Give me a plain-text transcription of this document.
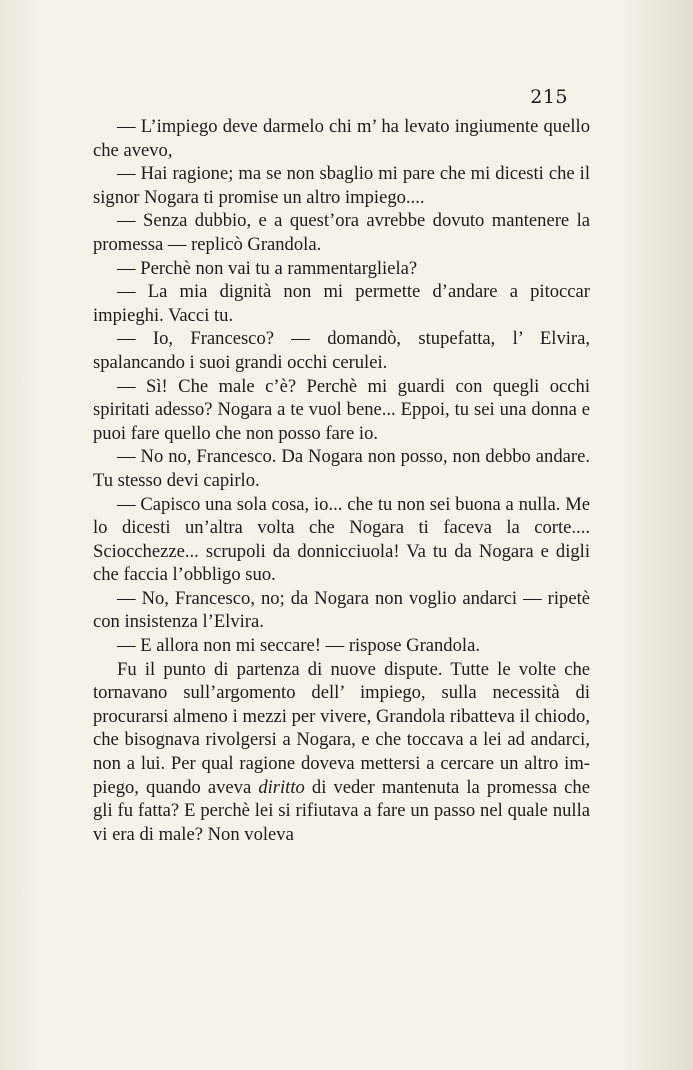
215

— L’impiego deve darmelo chi m’ ha levato ingiumente quello che avevo,

— Hai ragione; ma se non sbaglio mi pare che mi dicesti che il signor Nogara ti promise un altro impiego....

— Senza dubbio, e a quest’ora avrebbe dovuto mantenere la promessa — replicò Grandola.

— Perchè non vai tu a rammentargliela?

— La mia dignità non mi permette d’andare a pitoccar impieghi. Vacci tu.

— Io, Francesco? — domandò, stupefatta, l’ Elvira, spalancando i suoi grandi occhi cerulei.

— Sì! Che male c’è? Perchè mi guardi con quegli occhi spiritati adesso? Nogara a te vuol bene... Eppoi, tu sei una donna e puoi fare quello che non posso fare io.

— No no, Francesco. Da Nogara non posso, non debbo andare. Tu stesso devi capirlo.

— Capisco una sola cosa, io... che tu non sei buona a nulla. Me lo dicesti un’altra volta che Nogara ti faceva la corte.... Sciocchezze... scrupoli da donnicciuola! Va tu da Nogara e digli che faccia l’obbligo suo.

— No, Francesco, no; da Nogara non voglio andarci — ripetè con insistenza l’Elvira.

— E allora non mi seccare! — rispose Grandola.

Fu il punto di partenza di nuove dispute. Tutte le volte che tornavano sull’argomento dell’ impiego, sulla necessità di procurarsi almeno i mezzi per vivere, Grandola ribatteva il chiodo, che bisognava rivolgersi a Nogara, e che toccava a lei ad andarci, non a lui. Per qual ragione doveva mettersi a cercare un altro impiego, quando aveva diritto di veder mantenuta la promessa che gli fu fatta? E perchè lei si rifiutava a fare un passo nel quale nulla vi era di male? Non voleva
